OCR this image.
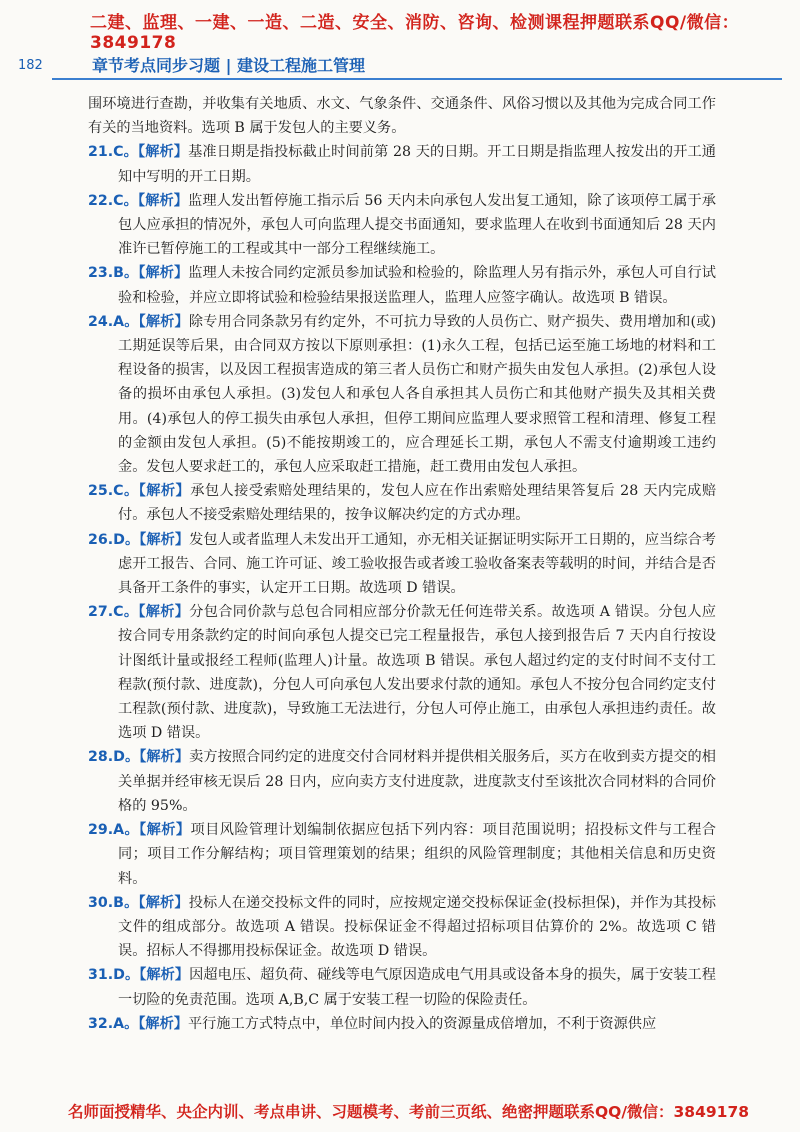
二建、监理、一建、一造、二造、安全、消防、咨询、检测课程押题联系QQ/微信：3849178
182	章节考点同步习题 | 建设工程施工管理

围环境进行查勘，并收集有关地质、水文、气象条件、交通条件、风俗习惯以及其他为完成合同工作有关的当地资料。选项 B 属于发包人的主要义务。

21.C。【解析】基准日期是指投标截止时间前第 28 天的日期。开工日期是指监理人按发出的开工通知中写明的开工日期。

22.C。【解析】监理人发出暂停施工指示后 56 天内未向承包人发出复工通知，除了该项停工属于承包人应承担的情况外，承包人可向监理人提交书面通知，要求监理人在收到书面通知后 28 天内准许已暂停施工的工程或其中一部分工程继续施工。

23.B。【解析】监理人未按合同约定派员参加试验和检验的，除监理人另有指示外，承包人可自行试验和检验，并应立即将试验和检验结果报送监理人，监理人应签字确认。故选项 B 错误。

24.A。【解析】除专用合同条款另有约定外，不可抗力导致的人员伤亡、财产损失、费用增加和(或)工期延误等后果，由合同双方按以下原则承担：(1)永久工程，包括已运至施工场地的材料和工程设备的损害，以及因工程损害造成的第三者人员伤亡和财产损失由发包人承担。(2)承包人设备的损坏由承包人承担。(3)发包人和承包人各自承担其人员伤亡和其他财产损失及其相关费用。(4)承包人的停工损失由承包人承担，但停工期间应监理人要求照管工程和清理、修复工程的金额由发包人承担。(5)不能按期竣工的，应合理延长工期，承包人不需支付逾期竣工违约金。发包人要求赶工的，承包人应采取赶工措施，赶工费用由发包人承担。

25.C。【解析】承包人接受索赔处理结果的，发包人应在作出索赔处理结果答复后 28 天内完成赔付。承包人不接受索赔处理结果的，按争议解决约定的方式办理。

26.D。【解析】发包人或者监理人未发出开工通知，亦无相关证据证明实际开工日期的，应当综合考虑开工报告、合同、施工许可证、竣工验收报告或者竣工验收备案表等载明的时间，并结合是否具备开工条件的事实，认定开工日期。故选项 D 错误。

27.C。【解析】分包合同价款与总包合同相应部分价款无任何连带关系。故选项 A 错误。分包人应按合同专用条款约定的时间向承包人提交已完工程量报告，承包人接到报告后 7 天内自行按设计图纸计量或报经工程师(监理人)计量。故选项 B 错误。承包人超过约定的支付时间不支付工程款(预付款、进度款)，分包人可向承包人发出要求付款的通知。承包人不按分包合同约定支付工程款(预付款、进度款)，导致施工无法进行，分包人可停止施工，由承包人承担违约责任。故选项 D 错误。

28.D。【解析】卖方按照合同约定的进度交付合同材料并提供相关服务后，买方在收到卖方提交的相关单据并经审核无误后 28 日内，应向卖方支付进度款，进度款支付至该批次合同材料的合同价格的 95%。

29.A。【解析】项目风险管理计划编制依据应包括下列内容：项目范围说明；招投标文件与工程合同；项目工作分解结构；项目管理策划的结果；组织的风险管理制度；其他相关信息和历史资料。

30.B。【解析】投标人在递交投标文件的同时，应按规定递交投标保证金(投标担保)，并作为其投标文件的组成部分。故选项 A 错误。投标保证金不得超过招标项目估算价的 2%。故选项 C 错误。招标人不得挪用投标保证金。故选项 D 错误。

31.D。【解析】因超电压、超负荷、碰线等电气原因造成电气用具或设备本身的损失，属于安装工程一切险的免责范围。选项 A,B,C 属于安装工程一切险的保险责任。

32.A。【解析】平行施工方式特点中，单位时间内投入的资源量成倍增加，不利于资源供应

名师面授精华、央企内训、考点串讲、习题模考、考前三页纸、绝密押题联系QQ/微信：3849178
